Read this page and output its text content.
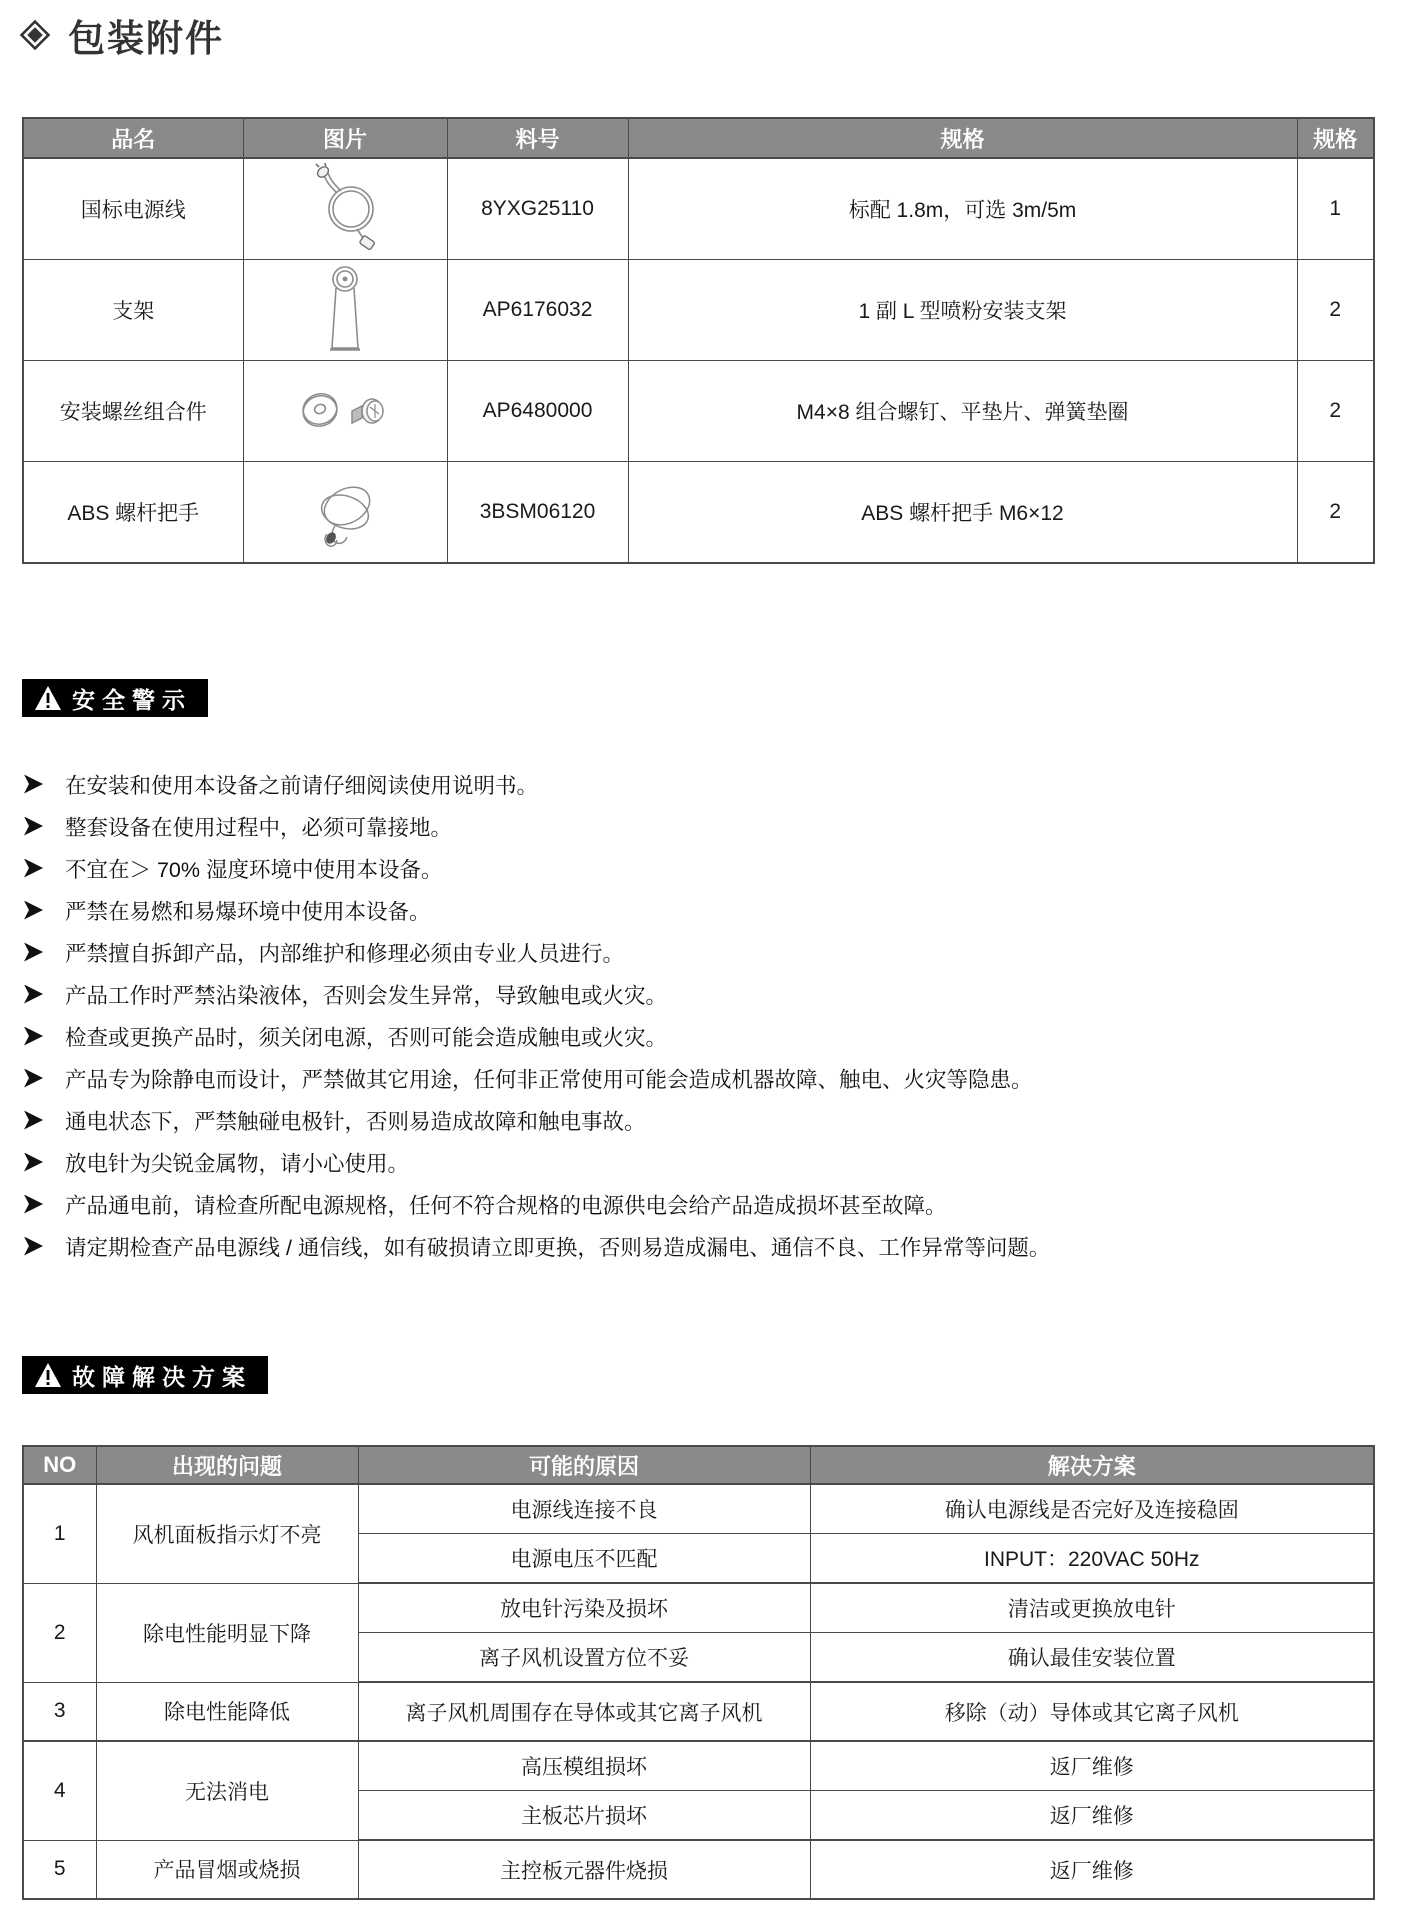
包装附件
品名	图片	料号	规格	规格
国标电源线		8YXG25110	标配 1.8m，可选 3m/5m	1
支架		AP6176032	1 副 L 型喷粉安装支架	2
安装螺丝组合件		AP6480000	M4×8 组合螺钉、平垫片、弹簧垫圈	2
ABS 螺杆把手		3BSM06120	ABS 螺杆把手 M6×12	2
安全警示
在安装和使用本设备之前请仔细阅读使用说明书。
整套设备在使用过程中，必须可靠接地。
不宜在＞ 70% 湿度环境中使用本设备。
严禁在易燃和易爆环境中使用本设备。
严禁擅自拆卸产品，内部维护和修理必须由专业人员进行。
产品工作时严禁沾染液体，否则会发生异常，导致触电或火灾。
检查或更换产品时，须关闭电源，否则可能会造成触电或火灾。
产品专为除静电而设计，严禁做其它用途，任何非正常使用可能会造成机器故障、触电、火灾等隐患。
通电状态下，严禁触碰电极针，否则易造成故障和触电事故。
放电针为尖锐金属物，请小心使用。
产品通电前，请检查所配电源规格，任何不符合规格的电源供电会给产品造成损坏甚至故障。
请定期检查产品电源线 / 通信线，如有破损请立即更换，否则易造成漏电、通信不良、工作异常等问题。
故障解决方案
NO	出现的问题	可能的原因	解决方案
1	风机面板指示灯不亮	电源线连接不良	确认电源线是否完好及连接稳固
		电源电压不匹配	INPUT：220VAC 50Hz
2	除电性能明显下降	放电针污染及损坏	清洁或更换放电针
		离子风机设置方位不妥	确认最佳安装位置
3	除电性能降低	离子风机周围存在导体或其它离子风机	移除（动）导体或其它离子风机
4	无法消电	高压模组损坏	返厂维修
		主板芯片损坏	返厂维修
5	产品冒烟或烧损	主控板元器件烧损	返厂维修
